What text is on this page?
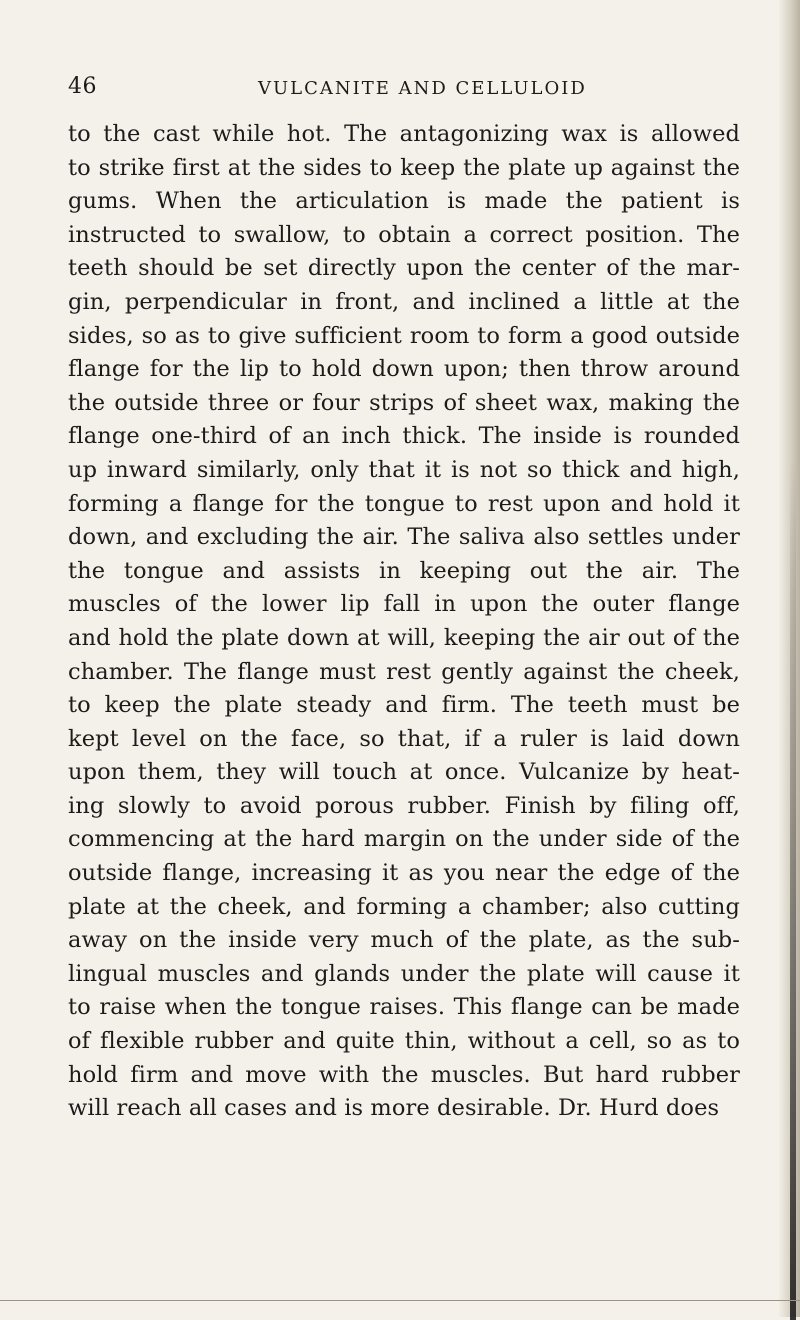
46	VULCANITE AND CELLULOID
to the cast while hot. The antagonizing wax is allowed
to strike first at the sides to keep the plate up against the
gums. When the articulation is made the patient is
instructed to swallow, to obtain a correct position. The
teeth should be set directly upon the center of the mar-
gin, perpendicular in front, and inclined a little at the
sides, so as to give sufficient room to form a good outside
flange for the lip to hold down upon; then throw around
the outside three or four strips of sheet wax, making the
flange one-third of an inch thick. The inside is rounded
up inward similarly, only that it is not so thick and high,
forming a flange for the tongue to rest upon and hold it
down, and excluding the air. The saliva also settles under
the tongue and assists in keeping out the air. The
muscles of the lower lip fall in upon the outer flange
and hold the plate down at will, keeping the air out of the
chamber. The flange must rest gently against the cheek,
to keep the plate steady and firm. The teeth must be
kept level on the face, so that, if a ruler is laid down
upon them, they will touch at once. Vulcanize by heat-
ing slowly to avoid porous rubber. Finish by filing off,
commencing at the hard margin on the under side of the
outside flange, increasing it as you near the edge of the
plate at the cheek, and forming a chamber; also cutting
away on the inside very much of the plate, as the sub-
lingual muscles and glands under the plate will cause it
to raise when the tongue raises. This flange can be made
of flexible rubber and quite thin, without a cell, so as to
hold firm and move with the muscles. But hard rubber
will reach all cases and is more desirable. Dr. Hurd does
